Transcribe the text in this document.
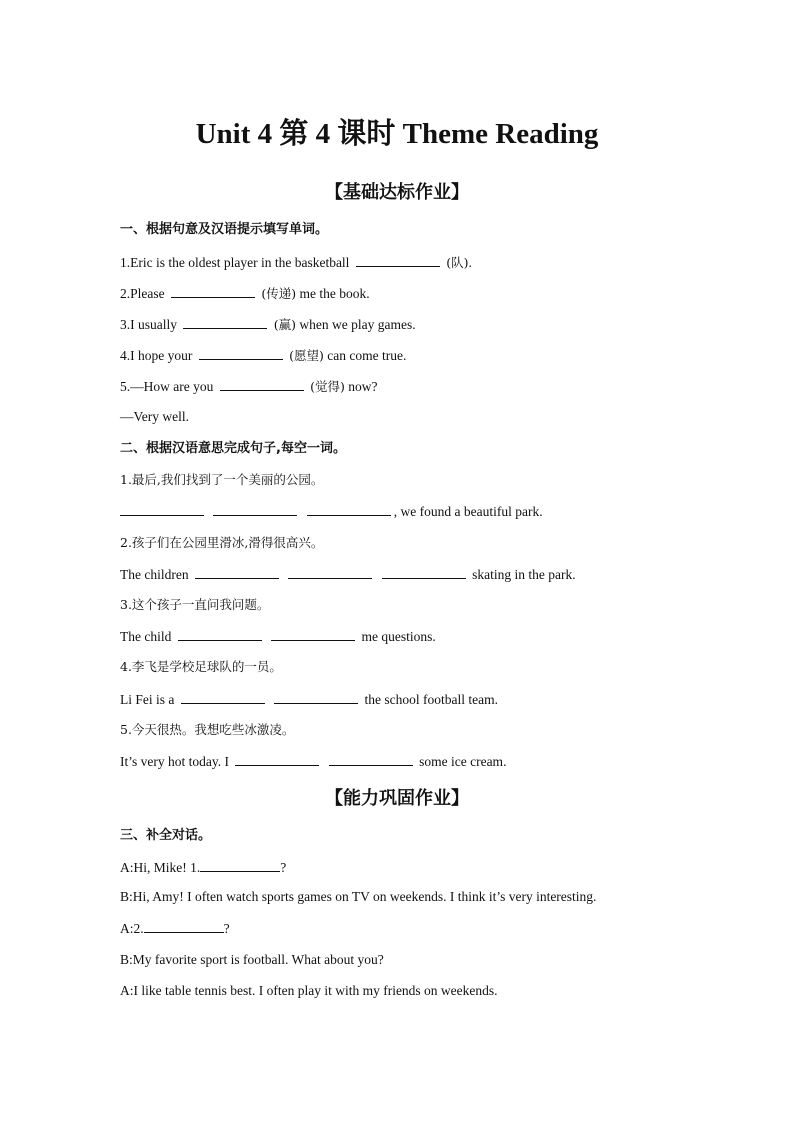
Unit 4 第 4 课时 Theme Reading
【基础达标作业】
一、根据句意及汉语提示填写单词。
1.Eric is the oldest player in the basketball	(队).
2.Please	(传递) me the book.
3.I usually	(赢) when we play games.
4.I hope your	(愿望) can come true.
5.—How are you	(觉得) now?
—Very well.
二、根据汉语意思完成句子,每空一词。
1.最后,我们找到了一个美丽的公园。
, we found a beautiful park.
2.孩子们在公园里滑冰,滑得很高兴。
The children	skating in the park.
3.这个孩子一直问我问题。
The child	me questions.
4.李飞是学校足球队的一员。
Li Fei is a	the school football team.
5.今天很热。我想吃些冰激凌。
It’s very hot today. I	some ice cream.
【能力巩固作业】
三、补全对话。
A:Hi, Mike! 1.	?
B:Hi, Amy! I often watch sports games on TV on weekends. I think it’s very interesting.
A:2.	?
B:My favorite sport is football. What about you?
A:I like table tennis best. I often play it with my friends on weekends.
